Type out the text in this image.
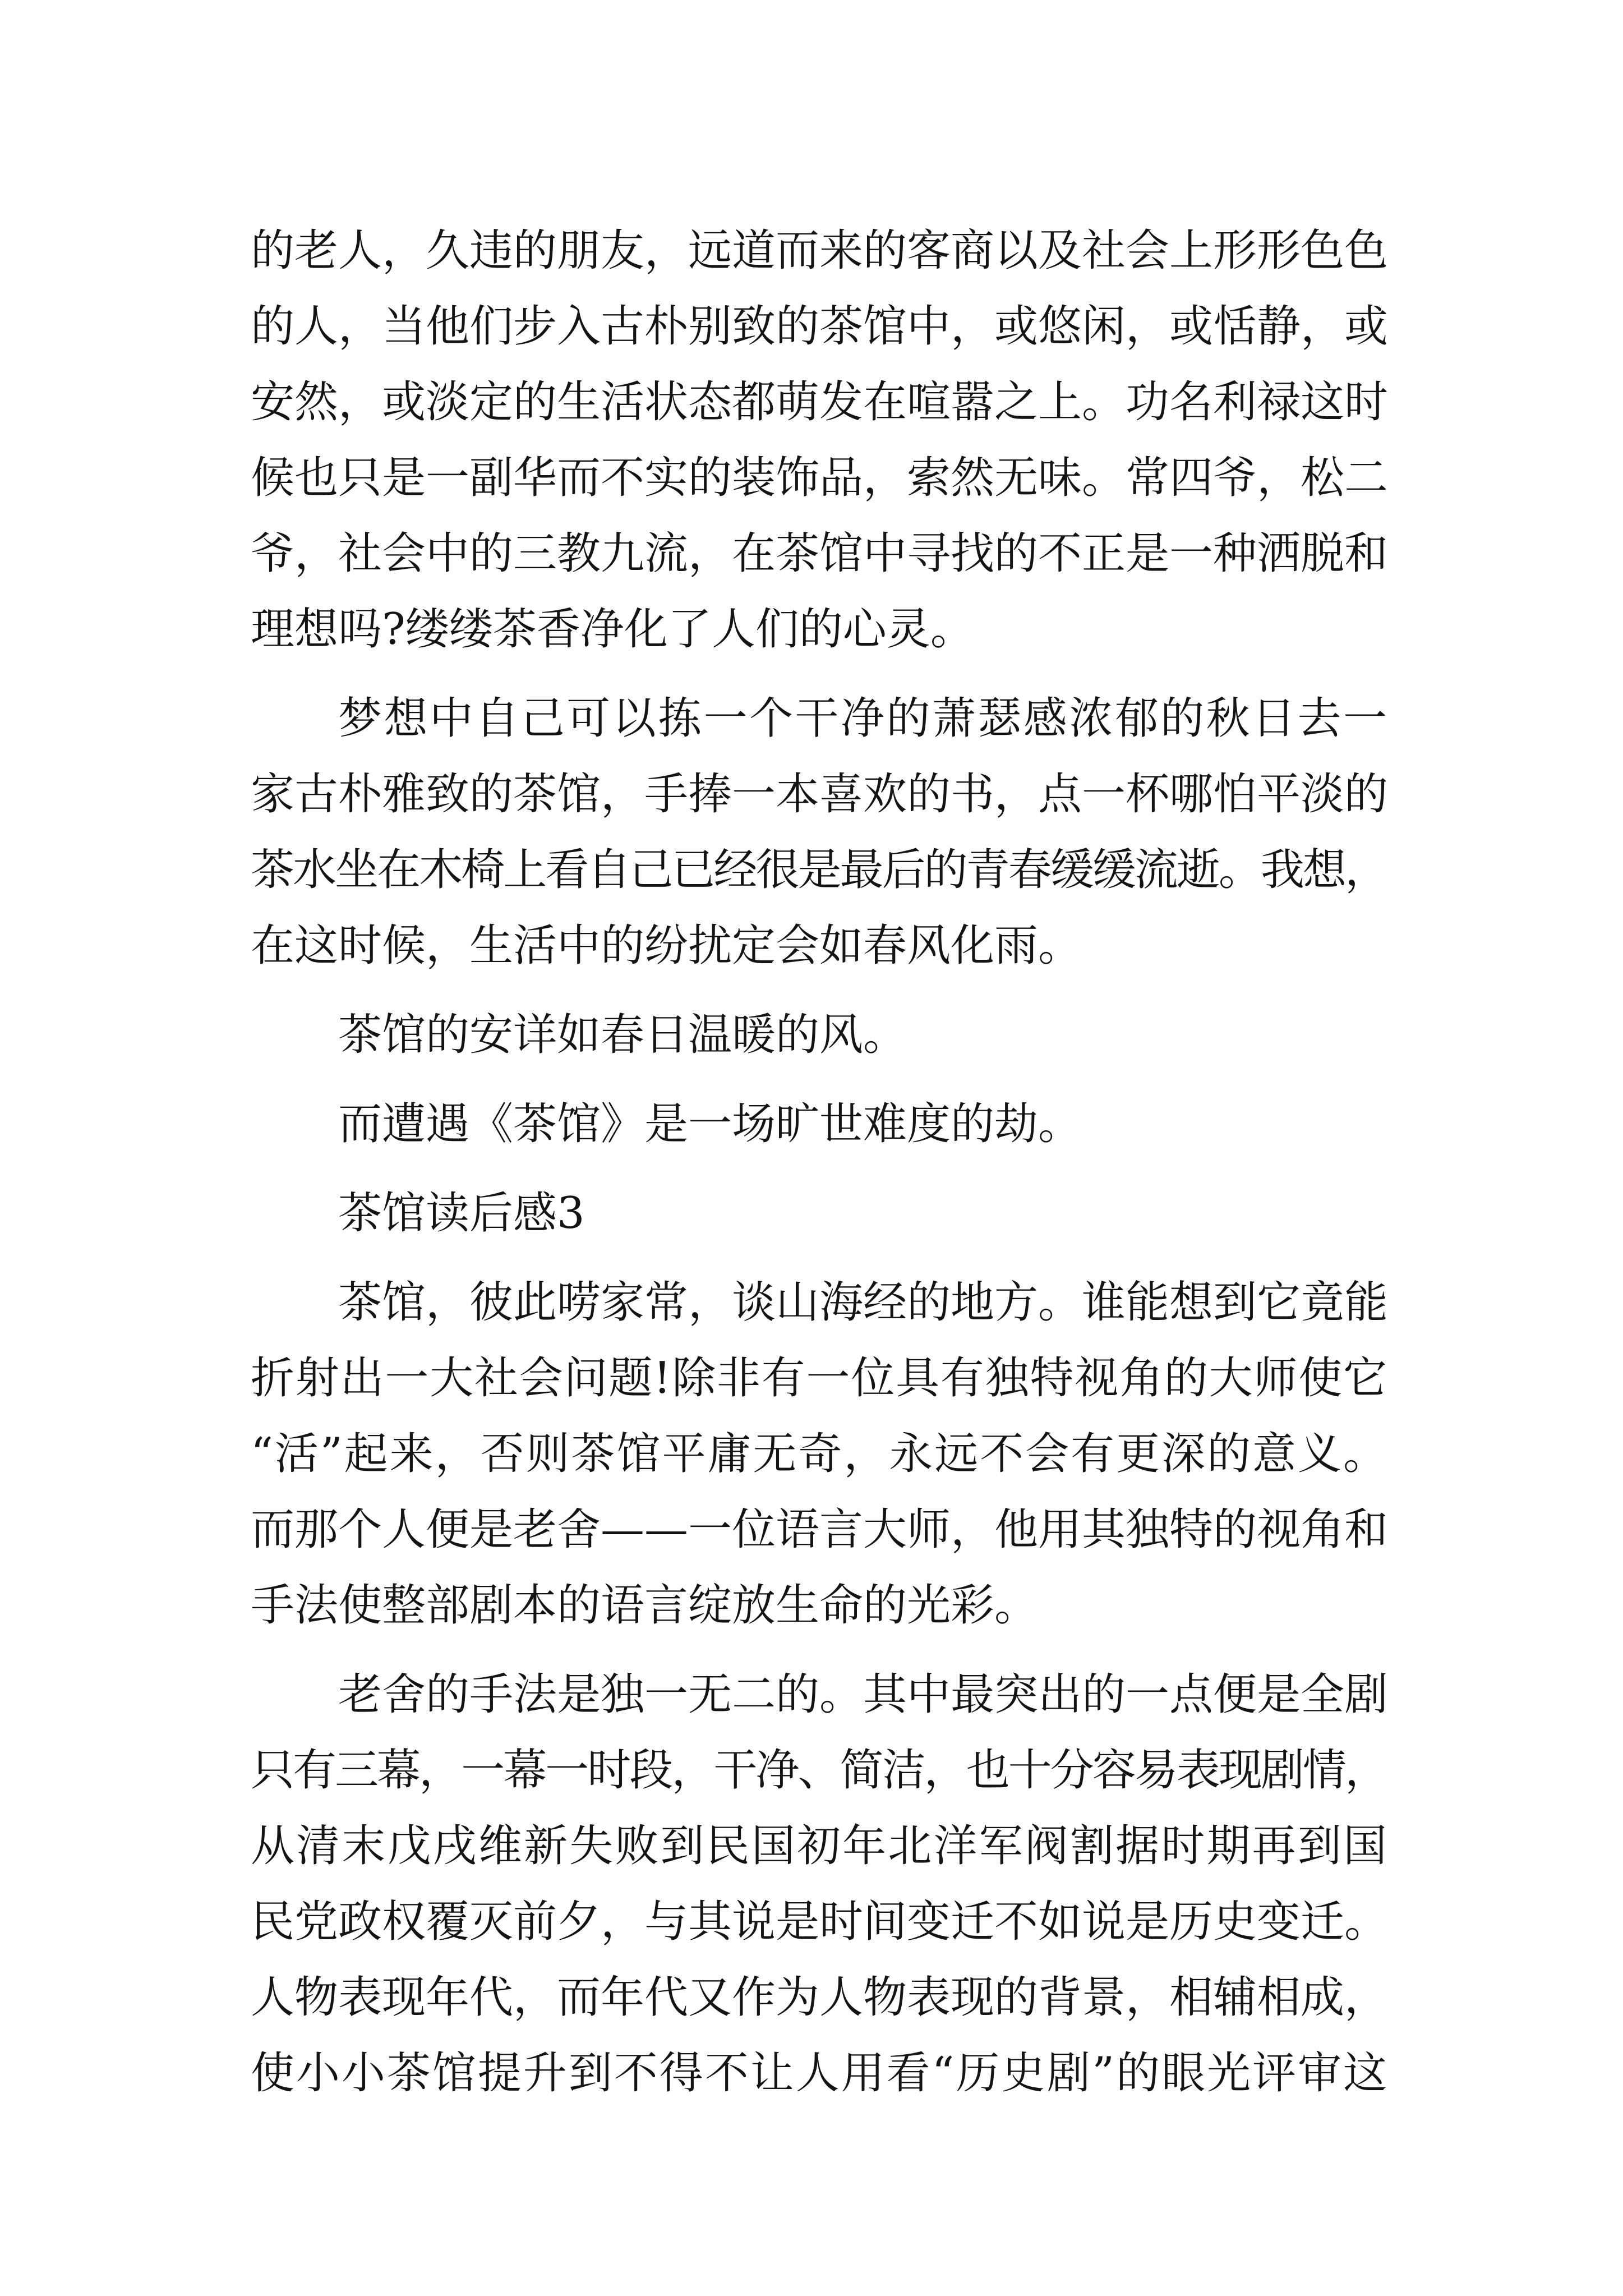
的老人，久违的朋友，远道而来的客商以及社会上形形色色
的人，当他们步入古朴别致的茶馆中，或悠闲，或恬静，或
安然，或淡定的生活状态都萌发在喧嚣之上。功名利禄这时
候也只是一副华而不实的装饰品，索然无味。常四爷，松二
爷，社会中的三教九流，在茶馆中寻找的不正是一种洒脱和
理想吗?缕缕茶香净化了人们的心灵。
梦想中自己可以拣一个干净的萧瑟感浓郁的秋日去一
家古朴雅致的茶馆，手捧一本喜欢的书，点一杯哪怕平淡的
茶水坐在木椅上看自己已经很是最后的青春缓缓流逝。我想，
在这时候，生活中的纷扰定会如春风化雨。
茶馆的安详如春日温暖的风。
而遭遇《茶馆》是一场旷世难度的劫。
茶馆读后感3
茶馆，彼此唠家常，谈山海经的地方。谁能想到它竟能
折射出一大社会问题!除非有一位具有独特视角的大师使它
“活”起来，否则茶馆平庸无奇，永远不会有更深的意义。
而那个人便是老舍——一位语言大师，他用其独特的视角和
手法使整部剧本的语言绽放生命的光彩。
老舍的手法是独一无二的。其中最突出的一点便是全剧
只有三幕，一幕一时段，干净、简洁，也十分容易表现剧情，
从清末戊戌维新失败到民国初年北洋军阀割据时期再到国
民党政权覆灭前夕，与其说是时间变迁不如说是历史变迁。
人物表现年代，而年代又作为人物表现的背景，相辅相成，
使小小茶馆提升到不得不让人用看“历史剧”的眼光评审这
